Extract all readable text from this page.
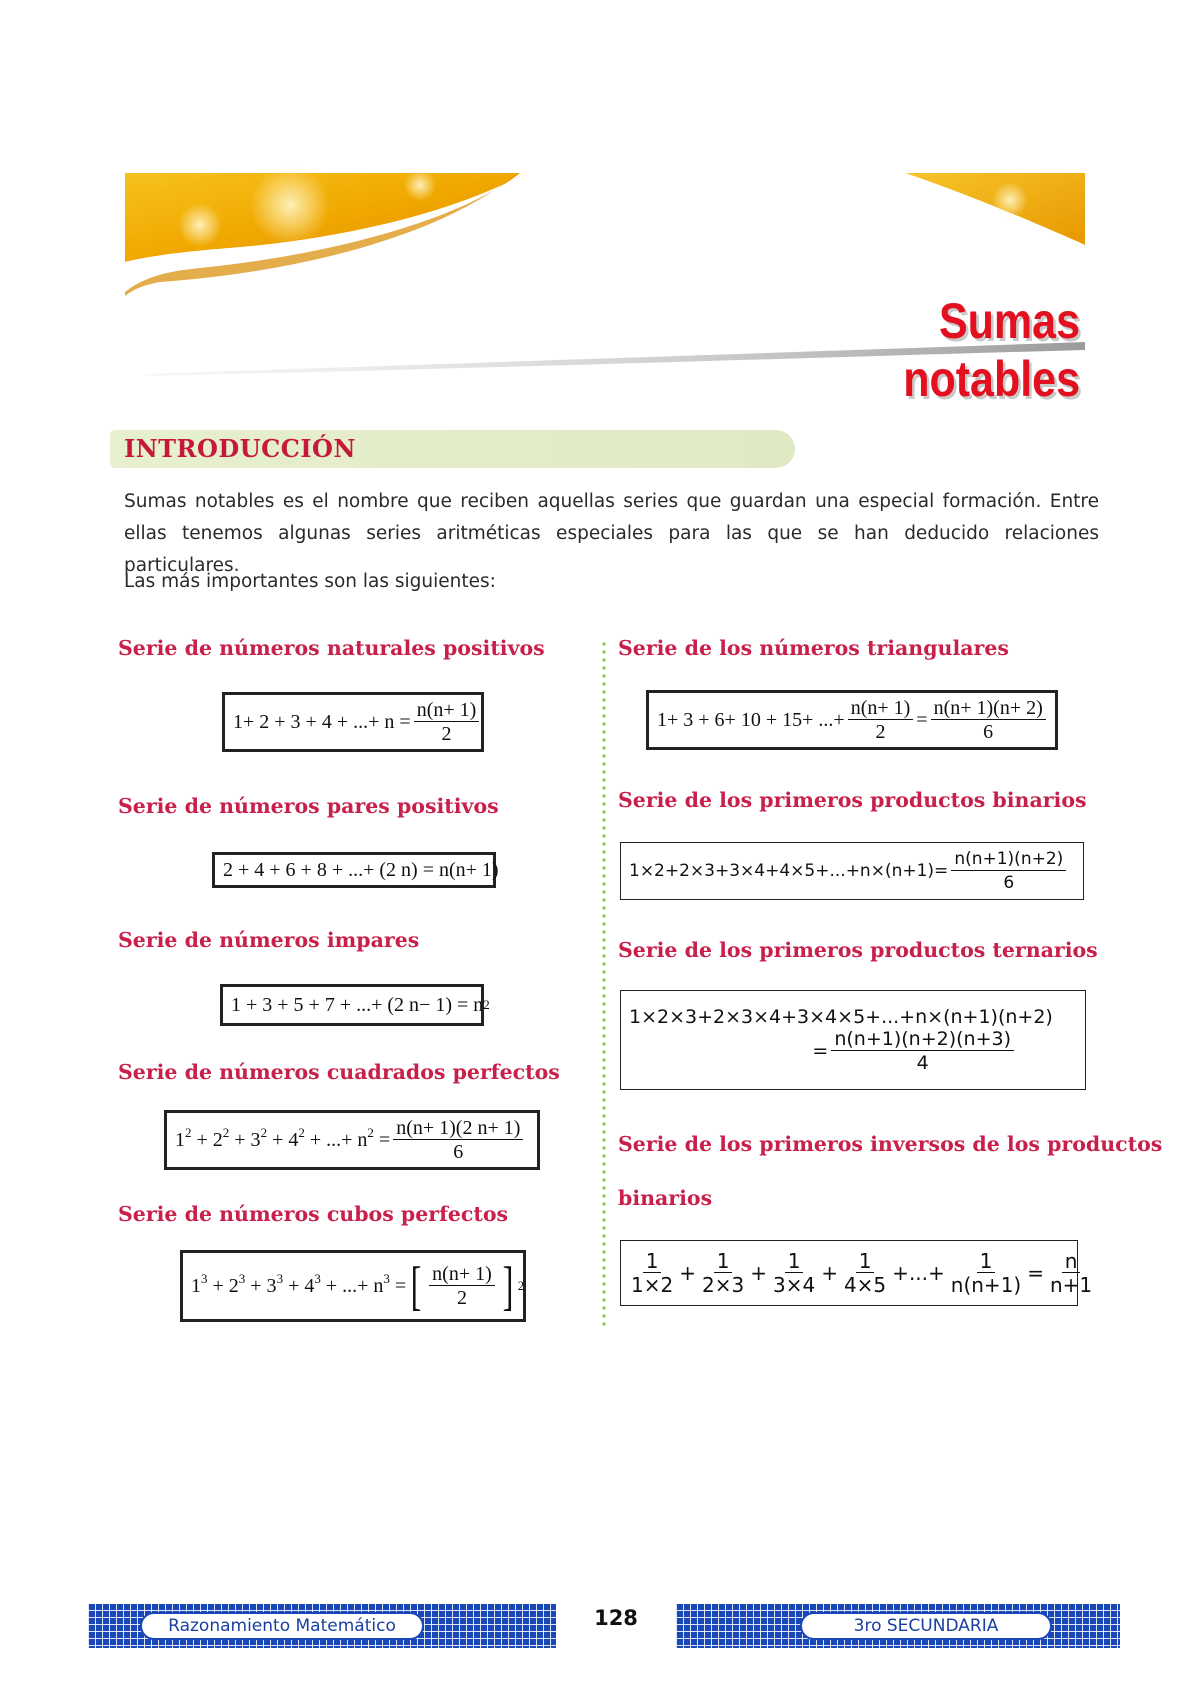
Sumas notables
INTRODUCCIÓN
Sumas notables es el nombre que reciben aquellas series que guardan una especial formación. Entre ellas tenemos algunas series aritméticas especiales para las que se han deducido relaciones particulares.
Las más importantes son las siguientes:
Serie de números naturales positivos
1+ 2 + 3 + 4 + ...+ $n = \frac{n(n+ 1)}{2}$
Serie de números pares positivos
2 + 4 + 6 + 8 + ...+ (2 n) = n(n+ 1)
Serie de números impares
1 + 3 + 5 + 7 + ...+ (2 n− 1) = n 2
Serie de números cuadrados perfectos
$1^2 + 2^2 + 3^2 + 4^2$ + ...+ $n^2 = \frac{n(n+ 1)(2 n+ 1)}{6}$
Serie de números cubos perfectos
$1^3 + 2^3 + 3^3 + 4^3$ + ...+ $n^3$ = [ $\frac{n(n+ 1)}{2}$ ] 2
Serie de los números triangulares
1+ 3 + 6+ 10 + 15+ ...+ $\frac{n(n+ 1)}{2} = \frac{n(n+ 1)(n+ 2)}{6}$
Serie de los primeros productos binarios
$1\times 2+2\times 3+3\times 4+4\times 5+...+n\times(n+1)= \frac{n(n+1)(n+2)}{6}$
Serie de los primeros productos ternarios
1×2×3+2×3×4+3×4×5+...+n×(n+1)(n+2)
= $\frac{n(n+1)(n+2)(n+3)}{4}$
Serie de los primeros inversos de los productos
binarios
$\frac{1}{1\times 2} + \frac{1}{2\times 3} + \frac{1}{3\times 4} + \frac{1}{4\times 5}$ + ... + $\frac{1}{n(n+1)} = \frac{n}{n+1}$
Razonamiento Matemático	128	3ro SECUNDARIA
